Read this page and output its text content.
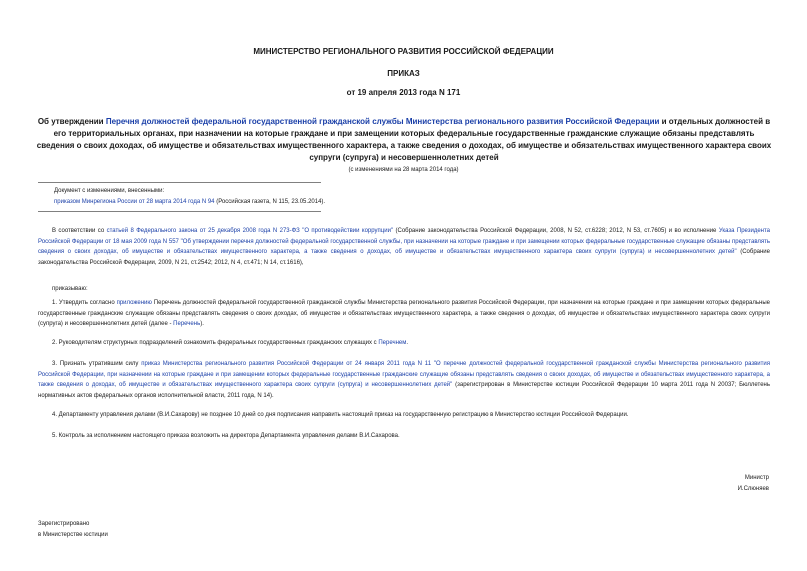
МИНИСТЕРСТВО РЕГИОНАЛЬНОГО РАЗВИТИЯ РОССИЙСКОЙ ФЕДЕРАЦИИ
ПРИКАЗ
от 19 апреля 2013 года N 171
Об утверждении Перечня должностей федеральной государственной гражданской службы Министерства регионального развития Российской Федерации и отдельных должностей в его территориальных органах, при назначении на которые граждане и при замещении которых федеральные государственные гражданские служащие обязаны представлять сведения о своих доходах, об имуществе и обязательствах имущественного характера, а также сведения о доходах, об имуществе и обязательствах имущественного характера своих супруги (супруга) и несовершеннолетних детей
(с изменениями на 28 марта 2014 года)
Документ с изменениями, внесенными:
приказом Минрегиона России от 28 марта 2014 года N 94 (Российская газета, N 115, 23.05.2014).
В соответствии со статьей 8 Федерального закона от 25 декабря 2008 года N 273-ФЗ "О противодействии коррупции" (Собрание законодательства Российской Федерации, 2008, N 52, ст.6228; 2012, N 53, ст.7605) и во исполнение Указа Президента Российской Федерации от 18 мая 2009 года N 557 "Об утверждении перечня должностей федеральной государственной службы, при назначении на которые граждане и при замещении которых федеральные государственные служащие обязаны представлять сведения о своих доходах, об имуществе и обязательствах имущественного характера, а также сведения о доходах, об имуществе и обязательствах имущественного характера своих супруги (супруга) и несовершеннолетних детей" (Собрание законодательства Российской Федерации, 2009, N 21, ст.2542; 2012, N 4, ст.471; N 14, ст.1616),
приказываю:
1. Утвердить согласно приложению Перечень должностей федеральной государственной гражданской службы Министерства регионального развития Российской Федерации, при назначении на которые граждане и при замещении которых федеральные государственные гражданские служащие обязаны представлять сведения о своих доходах, об имуществе и обязательствах имущественного характера, а также сведения о доходах, об имуществе и обязательствах имущественного характера своих супруги (супруга) и несовершеннолетних детей (далее - Перечень).
2. Руководителям структурных подразделений ознакомить федеральных государственных гражданских служащих с Перечнем.
3. Признать утратившим силу приказ Министерства регионального развития Российской Федерации от 24 января 2011 года N 11 "О перечне должностей федеральной государственной гражданской службы Министерства регионального развития Российской Федерации, при назначении на которые граждане и при замещении которых федеральные государственные гражданские служащие обязаны представлять сведения о своих доходах, об имуществе и обязательствах имущественного характера, а также сведения о доходах, об имуществе и обязательствах имущественного характера своих супруги (супруга) и несовершеннолетних детей" (зарегистрирован в Министерстве юстиции Российской Федерации 10 марта 2011 года N 20037; Бюллетень нормативных актов федеральных органов исполнительной власти, 2011 года, N 14).
4. Департаменту управления делами (В.И.Сахарову) не позднее 10 дней со дня подписания направить настоящий приказ на государственную регистрацию в Министерство юстиции Российской Федерации.
5. Контроль за исполнением настоящего приказа возложить на директора Департамента управления делами В.И.Сахарова.
Министр
И.Слюняев
Зарегистрировано
в Министерстве юстиции
